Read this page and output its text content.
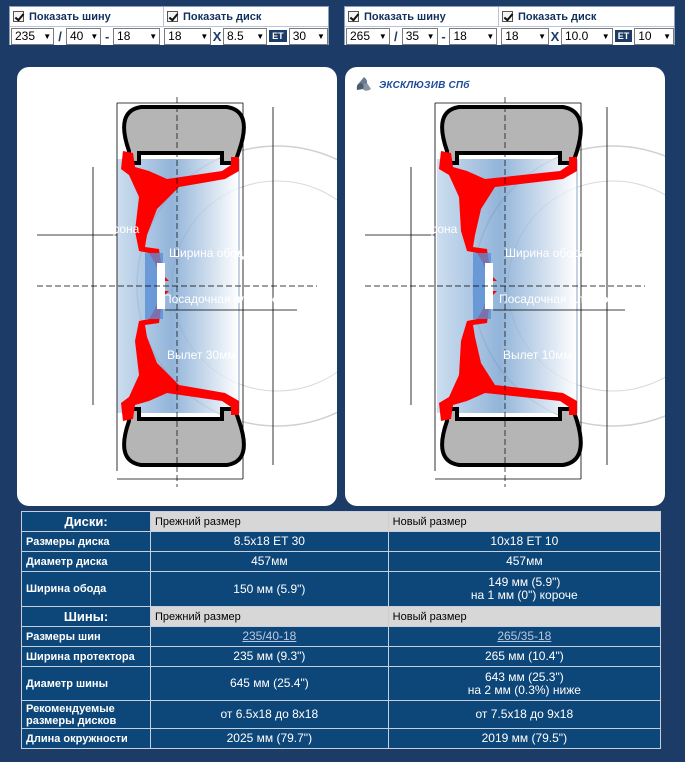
Показать шину	Показать диск
235 ▼ / 40 ▼ - 18 ▼ 18 ▼ X 8.5 ▼ ET 30 ▼
Показать шину	Показать диск
265 ▼ / 35 ▼ - 18 ▼ 18 ▼ X 10.0 ▼ ET 10 ▼
Корона
Ширина обода
Посадочная плоскость
Вылет 30мм
Корона
Ширина обода
Посадочная плоскость
Вылет 10мм
ЭКСКЛЮЗИВ СПб
Диски:	Прежний размер	Новый размер
Размеры диска	8.5x18 ET 30	10x18 ET 10
Диаметр диска	457мм	457мм
Ширина обода	150 мм (5.9")	149 мм (5.9")
на 1 мм (0") короче

Шины:	Прежний размер	Новый размер
Размеры шин	235/40-18	265/35-18
Ширина протектора	235 мм (9.3")	265 мм (10.4")
Диаметр шины	645 мм (25.4")	643 мм (25.3")
на 2 мм (0.3%) ниже

Рекомендуемые
размеры дисков	от 6.5x18 до 8x18	от 7.5x18 до 9x18
Длина окружности	2025 мм (79.7")	2019 мм (79.5")
